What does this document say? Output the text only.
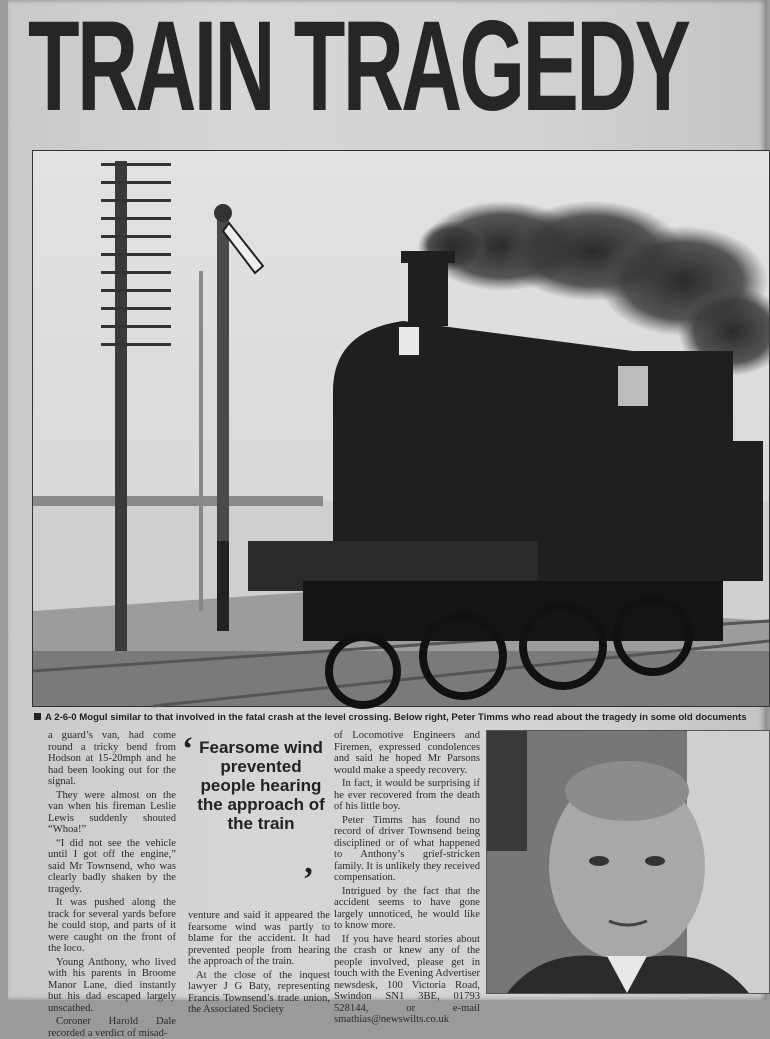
TRAIN TRAGEDY
A 2-6-0 Mogul similar to that involved in the fatal crash at the level crossing. Below right, Peter Timms who read about the tragedy in some old documents

a guard’s van, had come round a tricky bend from Hodson at 15-20mph and he had been looking out for the signal.

They were almost on the van when his fireman Leslie Lewis suddenly shouted “Whoa!”

“I did not see the vehicle until I got off the engine,” said Mr Townsend, who was clearly badly shaken by the tragedy.

It was pushed along the track for several yards before he could stop, and parts of it were caught on the front of the loco.

Young Anthony, who lived with his parents in Broome Manor Lane, died instantly but his dad escaped largely unscathed.

Coroner Harold Dale recorded a verdict of misad-

‘ Fearsome wind prevented people hearing the approach of the train
’

venture and said it appeared the fearsome wind was partly to blame for the accident. It had prevented people from hearing the approach of the train.

At the close of the inquest lawyer J G Baty, representing Francis Townsend’s trade union, the Associated Society

of Locomotive Engineers and Firemen, expressed condolences and said he hoped Mr Parsons would make a speedy recovery.

In fact, it would be surprising if he ever recovered from the death of his little boy.

Peter Timms has found no record of driver Townsend being disciplined or of what happened to Anthony’s grief-stricken family. It is unlikely they received compensation.

Intrigued by the fact that the accident seems to have gone largely unnoticed, he would like to know more.

If you have heard stories about the crash or knew any of the people involved, please get in touch with the Evening Advertiser newsdesk, 100 Victoria Road, Swindon SN1 3BE, 01793 528144, or e-mail smathias@newswilts.co.uk
